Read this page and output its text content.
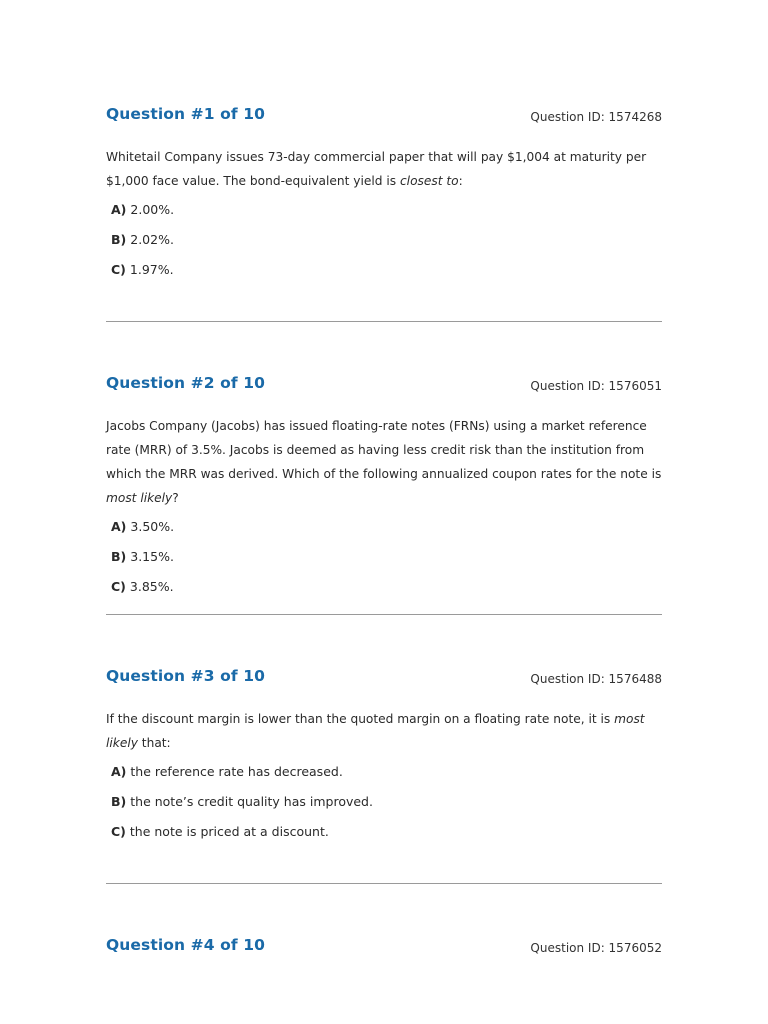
Question #1 of 10	Question ID: 1574268
Whitetail Company issues 73-day commercial paper that will pay $1,004 at maturity per $1,000 face value. The bond-equivalent yield is closest to:
A) 2.00%.
B) 2.02%.
C) 1.97%.
Question #2 of 10	Question ID: 1576051
Jacobs Company (Jacobs) has issued floating-rate notes (FRNs) using a market reference rate (MRR) of 3.5%. Jacobs is deemed as having less credit risk than the institution from which the MRR was derived. Which of the following annualized coupon rates for the note is most likely?
A) 3.50%.
B) 3.15%.
C) 3.85%.
Question #3 of 10	Question ID: 1576488
If the discount margin is lower than the quoted margin on a floating rate note, it is most likely that:
A) the reference rate has decreased.
B) the note’s credit quality has improved.
C) the note is priced at a discount.
Question #4 of 10	Question ID: 1576052
